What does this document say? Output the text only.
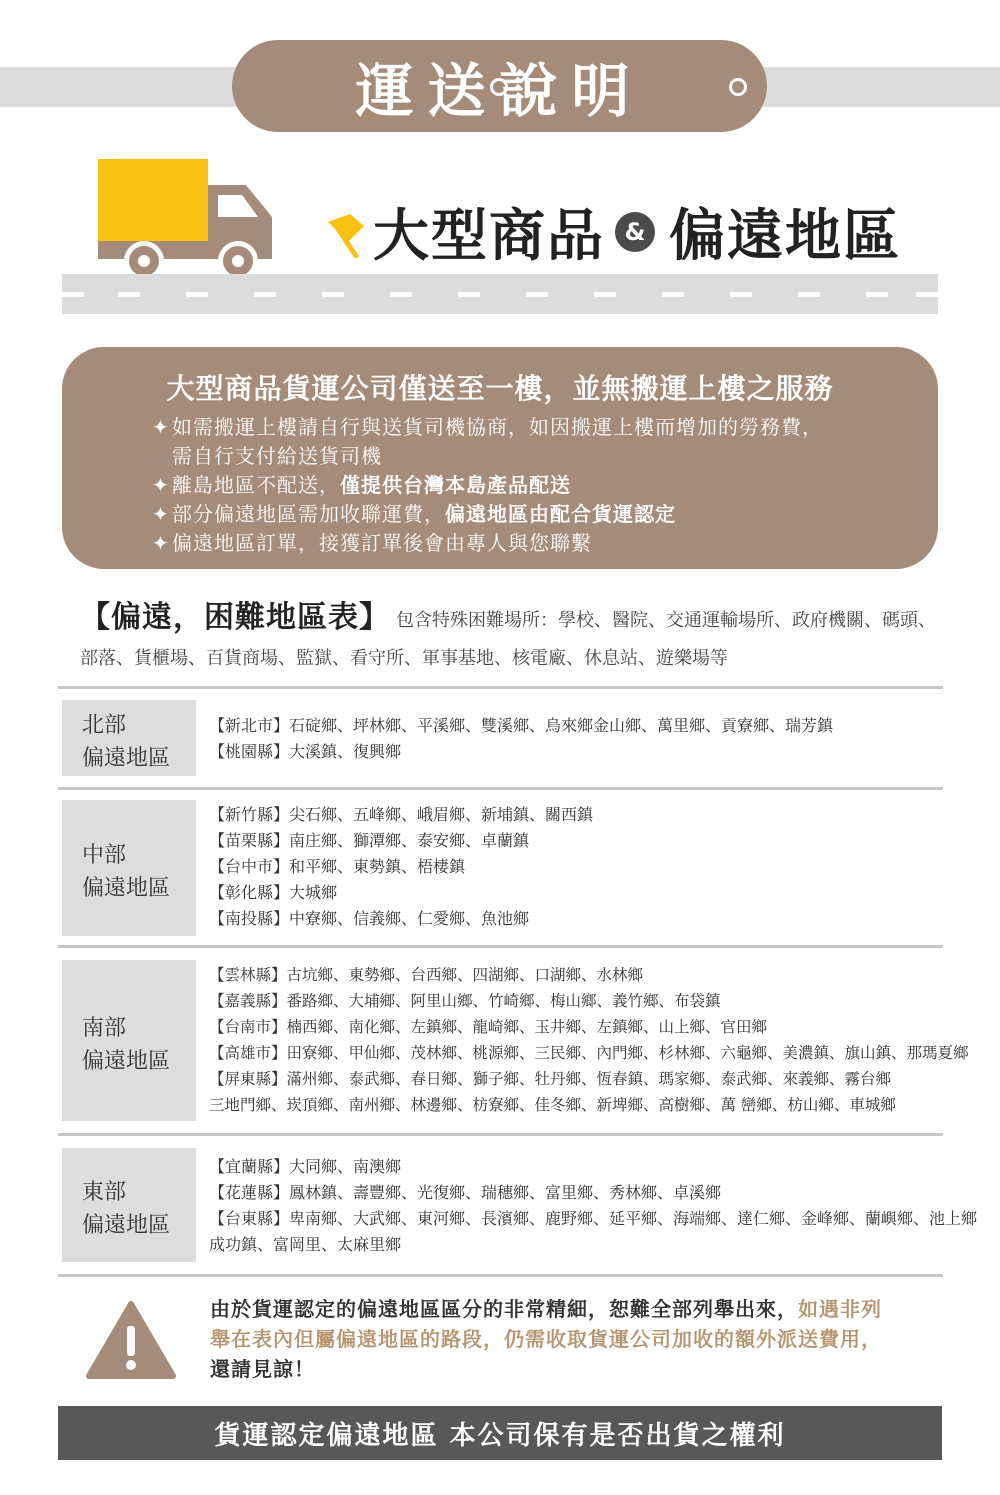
運送說明
大型商品 & 偏遠地區
大型商品貨運公司僅送至一樓，並無搬運上樓之服務
✦ 如需搬運上樓請自行與送貨司機協商，如因搬運上樓而增加的勞務費，
需自行支付給送貨司機
✦ 離島地區不配送，僅提供台灣本島產品配送
✦ 部分偏遠地區需加收聯運費，偏遠地區由配合貨運認定
✦ 偏遠地區訂單，接獲訂單後會由專人與您聯繫
【偏遠，困難地區表】 包含特殊困難場所：學校、醫院、交通運輸場所、政府機關、碼頭、
部落、貨櫃場、百貨商場、監獄、看守所、軍事基地、核電廠、休息站、遊樂場等
北部
偏遠地區
【新北市】石碇鄉、坪林鄉、平溪鄉、雙溪鄉、烏來鄉金山鄉、萬里鄉、貢寮鄉、瑞芳鎮
【桃園縣】大溪鎮、復興鄉
中部
偏遠地區
【新竹縣】尖石鄉、五峰鄉、峨眉鄉、新埔鎮、關西鎮
【苗栗縣】南庄鄉、獅潭鄉、泰安鄉、卓蘭鎮
【台中市】和平鄉、東勢鎮、梧棲鎮
【彰化縣】大城鄉
【南投縣】中寮鄉、信義鄉、仁愛鄉、魚池鄉
南部
偏遠地區
【雲林縣】古坑鄉、東勢鄉、台西鄉、四湖鄉、口湖鄉、水林鄉
【嘉義縣】番路鄉、大埔鄉、阿里山鄉、竹崎鄉、梅山鄉、義竹鄉、布袋鎮
【台南市】楠西鄉、南化鄉、左鎮鄉、龍崎鄉、玉井鄉、左鎮鄉、山上鄉、官田鄉
【高雄市】田寮鄉、甲仙鄉、茂林鄉、桃源鄉、三民鄉、內門鄉、杉林鄉、六龜鄉、美濃鎮、旗山鎮、那瑪夏鄉
【屏東縣】滿州鄉、泰武鄉、春日鄉、獅子鄉、牡丹鄉、恆春鎮、瑪家鄉、泰武鄉、來義鄉、霧台鄉
三地門鄉、崁頂鄉、南州鄉、林邊鄉、枋寮鄉、佳冬鄉、新埤鄉、高樹鄉、萬 巒鄉、枋山鄉、車城鄉
東部
偏遠地區
【宜蘭縣】大同鄉、南澳鄉
【花蓮縣】鳳林鎮、壽豐鄉、光復鄉、瑞穗鄉、富里鄉、秀林鄉、卓溪鄉
【台東縣】卑南鄉、大武鄉、東河鄉、長濱鄉、鹿野鄉、延平鄉、海端鄉、達仁鄉、金峰鄉、蘭嶼鄉、池上鄉
成功鎮、富岡里、太麻里鄉
由於貨運認定的偏遠地區區分的非常精細，恕難全部列舉出來，如遇非列
舉在表內但屬偏遠地區的路段，仍需收取貨運公司加收的額外派送費用，
還請見諒！
貨運認定偏遠地區 本公司保有是否出貨之權利
